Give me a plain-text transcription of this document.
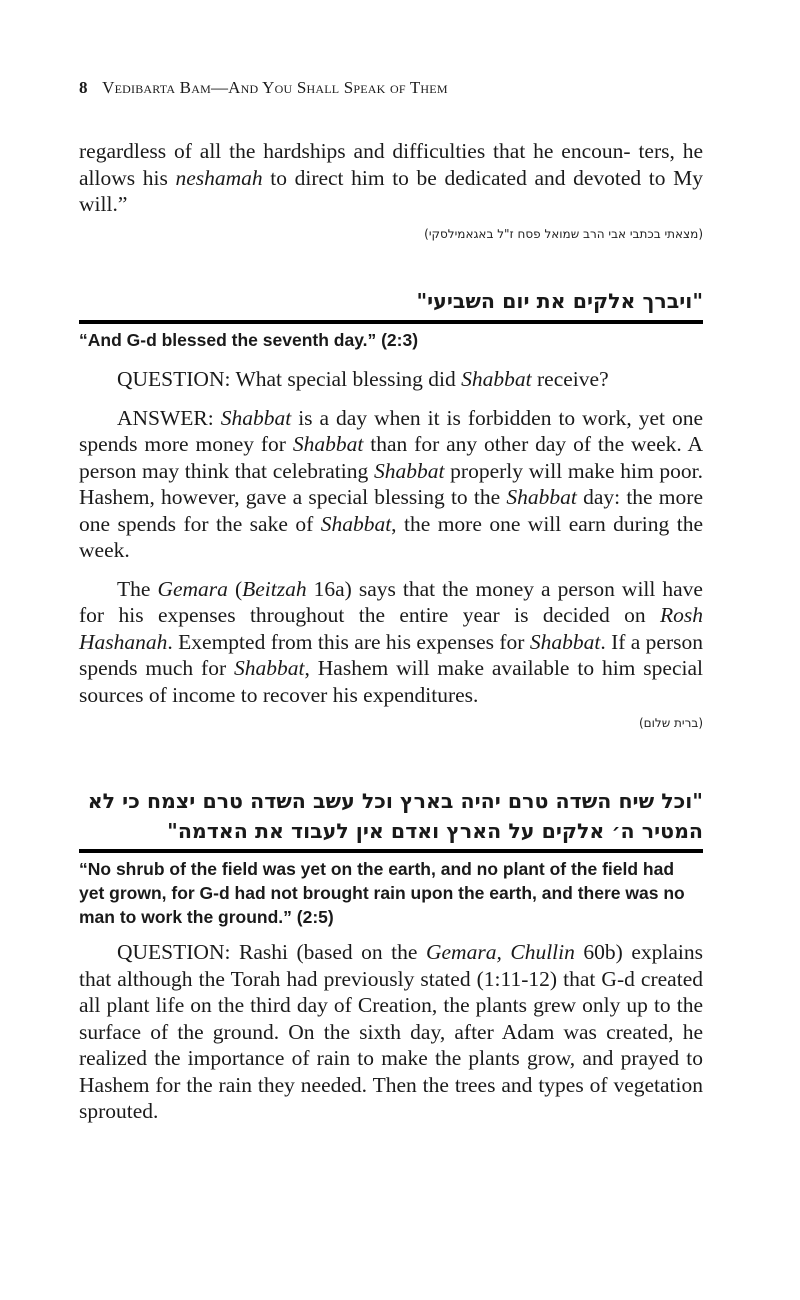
8 Vedibarta Bam—And You Shall Speak of Them

regardless of all the hardships and difficulties that he encoun- ters, he allows his neshamah to direct him to be dedicated and devoted to My will.”

(מצאתי בכתבי אבי הרב שמואל פסח ז"ל באגאמילסקי)
"ויברך אלקים את יום השביעי"
“And G-d blessed the seventh day.” (2:3)

QUESTION: What special blessing did Shabbat receive?

ANSWER: Shabbat is a day when it is forbidden to work, yet one spends more money for Shabbat than for any other day of the week. A person may think that celebrating Shabbat properly will make him poor. Hashem, however, gave a special blessing to the Shabbat day: the more one spends for the sake of Shabbat, the more one will earn during the week.

The Gemara (Beitzah 16a) says that the money a person will have for his expenses throughout the entire year is decided on Rosh Hashanah. Exempted from this are his expenses for Shabbat. If a person spends much for Shabbat, Hashem will make available to him special sources of income to recover his expenditures.

(ברית שלום)
"וכל שיח השדה טרם יהיה בארץ וכל עשב השדה טרם יצמח כי לא המטיר ה׳ אלקים על הארץ ואדם אין לעבוד את האדמה"
“No shrub of the field was yet on the earth, and no plant of the field had yet grown, for G-d had not brought rain upon the earth, and there was no man to work the ground.” (2:5)

QUESTION: Rashi (based on the Gemara, Chullin 60b) explains that although the Torah had previously stated (1:11-12) that G-d created all plant life on the third day of Creation, the plants grew only up to the surface of the ground. On the sixth day, after Adam was created, he realized the importance of rain to make the plants grow, and prayed to Hashem for the rain they needed. Then the trees and types of vegetation sprouted.
